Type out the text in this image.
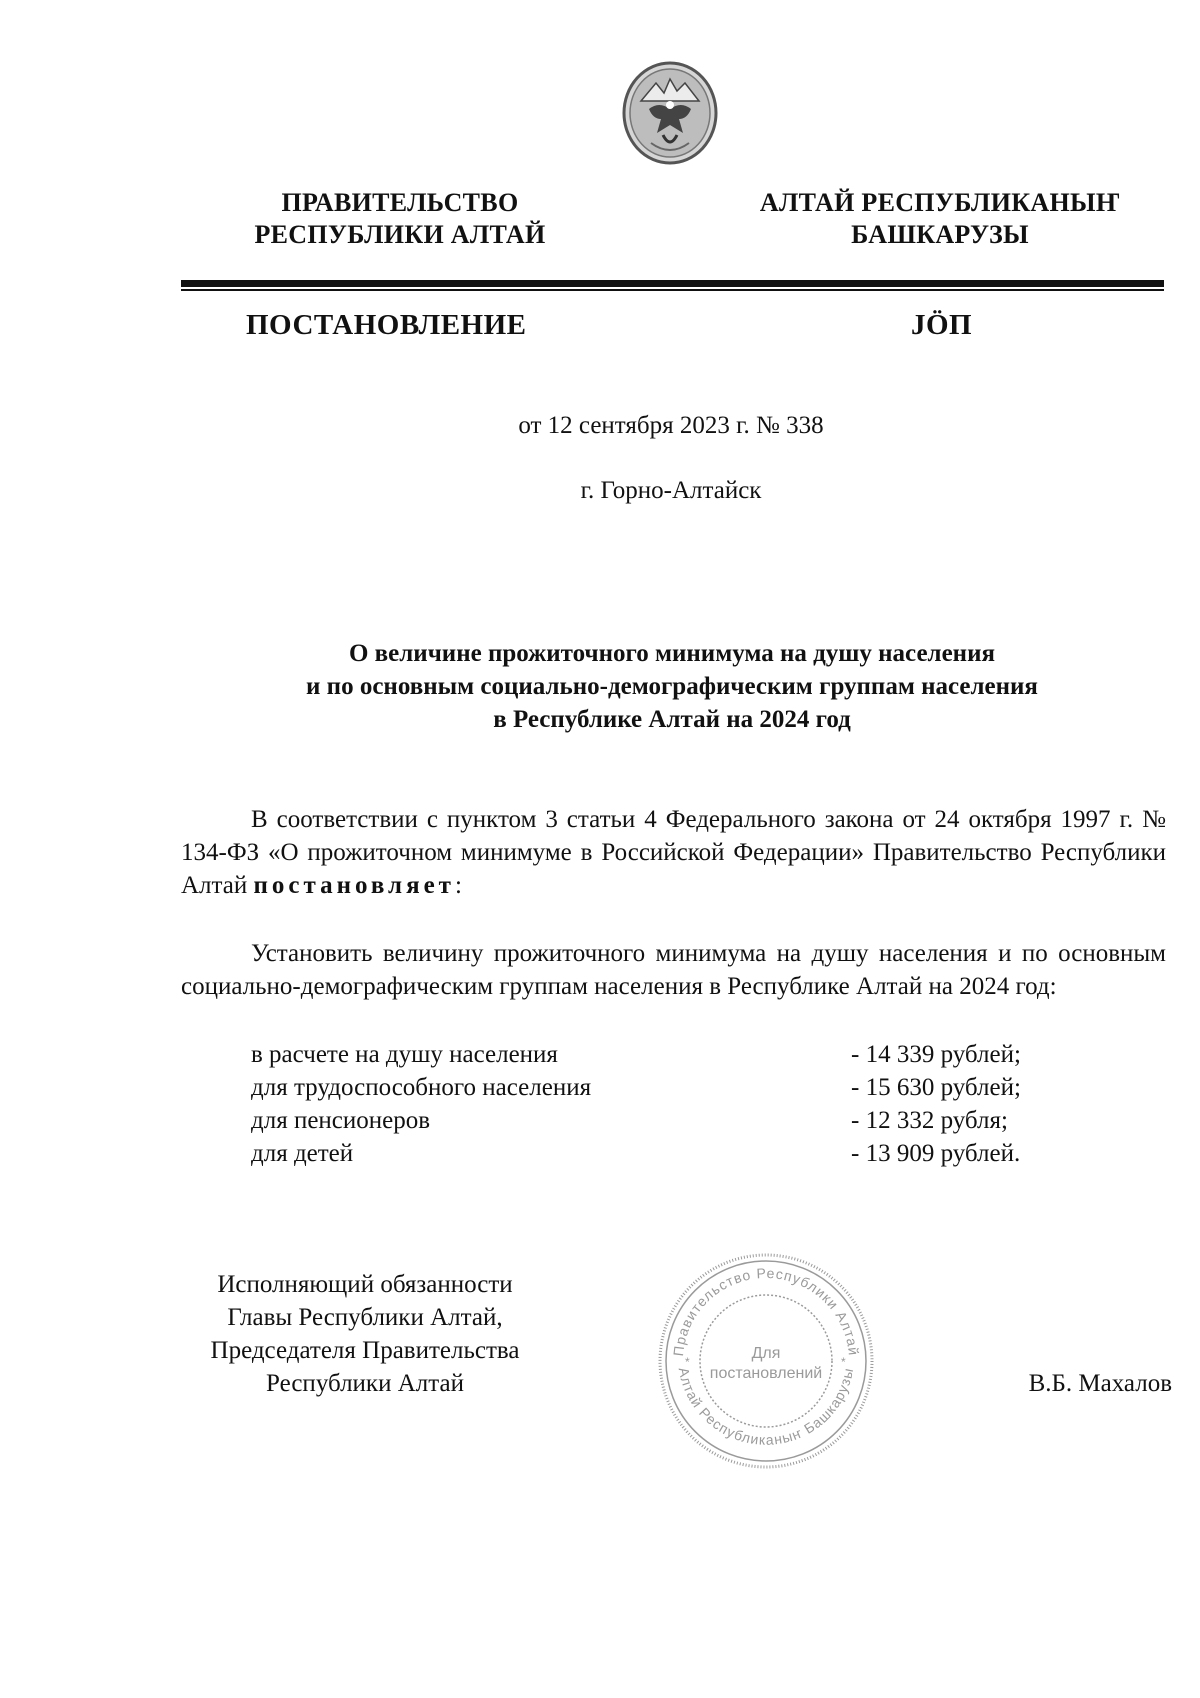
ПРАВИТЕЛЬСТВО
РЕСПУБЛИКИ АЛТАЙ
АЛТАЙ РЕСПУБЛИКАНЫҤ
БАШКАРУЗЫ
ПОСТАНОВЛЕНИЕ	JӦП
от 12 сентября 2023 г. № 338
г. Горно-Алтайск
О величине прожиточного минимума на душу населения
и по основным социально-демографическим группам населения
в Республике Алтай на 2024 год
В соответствии с пунктом 3 статьи 4 Федерального закона от 24 октября 1997 г. № 134-ФЗ «О прожиточном минимуме в Российской Федерации» Правительство Республики Алтай постановляет:
Установить величину прожиточного минимума на душу населения и по основным социально-демографическим группам населения в Республике Алтай на 2024 год:
в расчете на душу населения	- 14 339 рублей;
для трудоспособного населения	- 15 630 рублей;
для пенсионеров	- 12 332 рубля;
для детей	- 13 909 рублей.
Исполняющий обязанности
Главы Республики Алтай,
Председателя Правительства
Республики Алтай
Правительство Республики Алтай
Алтай Республиканыҥ Башкарузы
Для
постановлений
*	*
В.Б. Махалов
